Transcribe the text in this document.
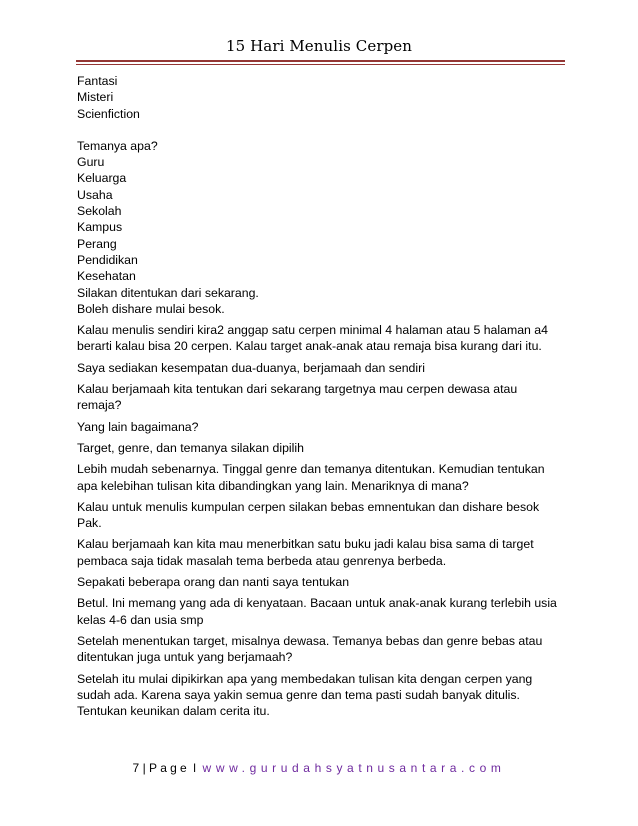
15 Hari Menulis Cerpen
Fantasi
Misteri
Scienfiction
Temanya apa?
Guru
Keluarga
Usaha
Sekolah
Kampus
Perang
Pendidikan
Kesehatan
Silakan ditentukan dari sekarang.
Boleh dishare mulai besok.
Kalau menulis sendiri kira2 anggap satu cerpen minimal 4 halaman atau 5 halaman a4
berarti kalau bisa 20 cerpen. Kalau target anak-anak atau remaja bisa kurang dari itu.
Saya sediakan kesempatan dua-duanya, berjamaah dan sendiri
Kalau berjamaah kita tentukan dari sekarang targetnya mau cerpen dewasa atau
remaja?
Yang lain bagaimana?
Target, genre, dan temanya silakan dipilih
Lebih mudah sebenarnya. Tinggal genre dan temanya ditentukan. Kemudian tentukan
apa kelebihan tulisan kita dibandingkan yang lain. Menariknya di mana?
Kalau untuk menulis kumpulan cerpen silakan bebas emnentukan dan dishare besok
Pak.
Kalau berjamaah kan kita mau menerbitkan satu buku jadi kalau bisa sama di target
pembaca saja tidak masalah tema berbeda atau genrenya berbeda.
Sepakati beberapa orang dan nanti saya tentukan
Betul. Ini memang yang ada di kenyataan. Bacaan untuk anak-anak kurang terlebih usia
kelas 4-6 dan usia smp
Setelah menentukan target, misalnya dewasa. Temanya bebas dan genre bebas atau
ditentukan juga untuk yang berjamaah?
Setelah itu mulai dipikirkan apa yang membedakan tulisan kita dengan cerpen yang
sudah ada. Karena saya yakin semua genre dan tema pasti sudah banyak ditulis.
Tentukan keunikan dalam cerita itu.
7 | Page l  www.gurudahsyatnusantara.com
